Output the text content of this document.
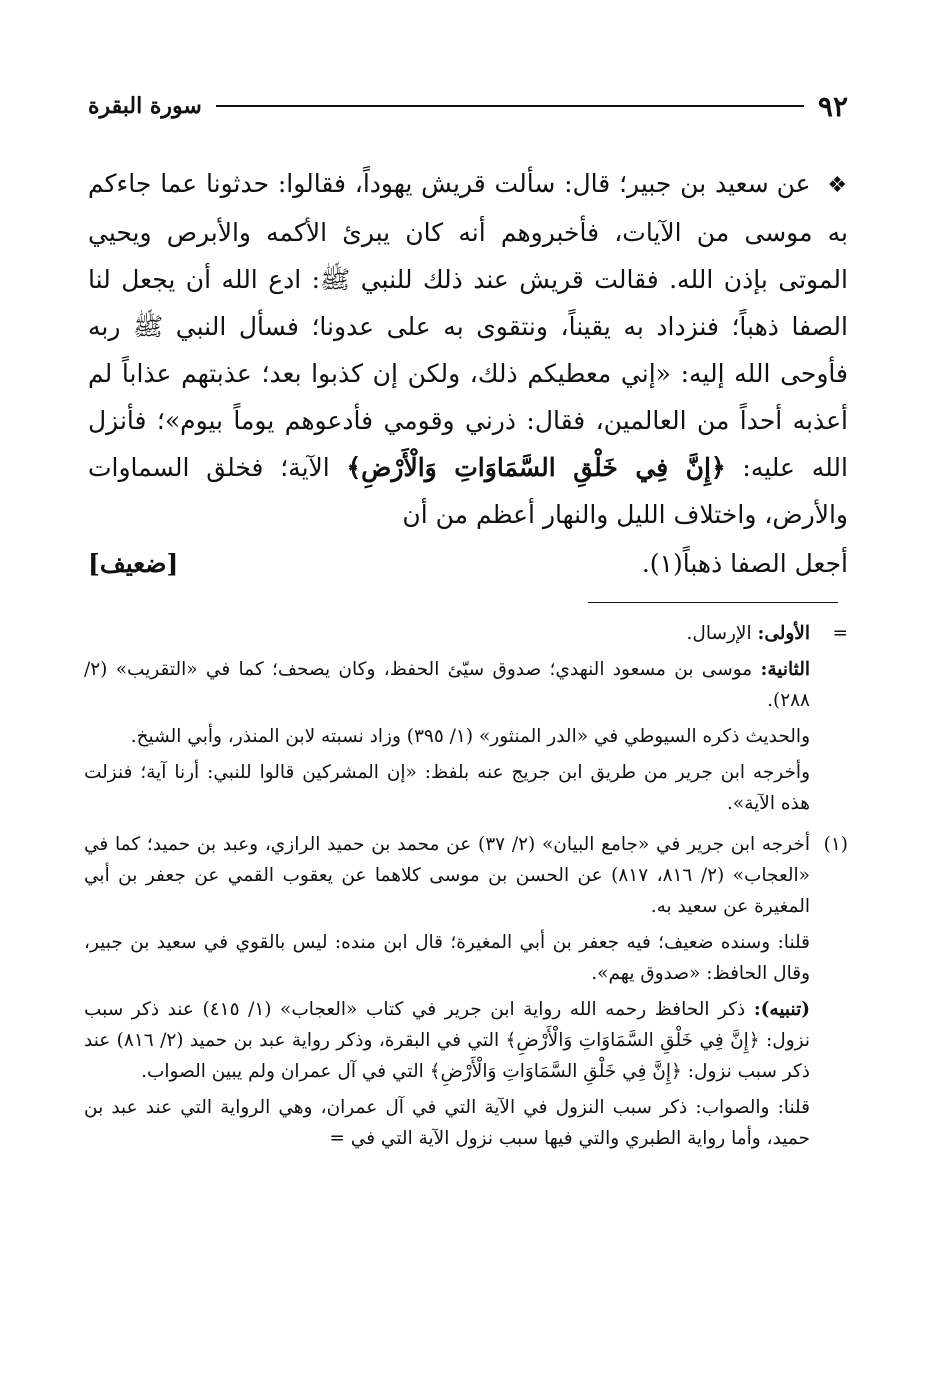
٩٢
سورة البقرة

❖ عن سعيد بن جبير؛ قال: سألت قريش يهوداً، فقالوا: حدثونا عما جاءكم به موسى من الآيات، فأخبروهم أنه كان يبرئ الأكمه والأبرص ويحيي الموتى بإذن الله. فقالت قريش عند ذلك للنبي ﷺ: ادع الله أن يجعل لنا الصفا ذهباً؛ فنزداد به يقيناً، ونتقوى به على عدونا؛ فسأل النبي ﷺ ربه فأوحى الله إليه: «إني معطيكم ذلك، ولكن إن كذبوا بعد؛ عذبتهم عذاباً لم أعذبه أحداً من العالمين، فقال: ذرني وقومي فأدعوهم يوماً بيوم»؛ فأنزل الله عليه: ﴿إِنَّ فِي خَلْقِ السَّمَاوَاتِ وَالْأَرْضِ﴾ الآية؛ فخلق السماوات والأرض، واختلاف الليل والنهار أعظم من أن

أجعل الصفا ذهباً(١).
[ضعيف]
=

الأولى: الإرسال.

الثانية: موسى بن مسعود النهدي؛ صدوق سيّئ الحفظ، وكان يصحف؛ كما في «التقريب» (٢/ ٢٨٨).

والحديث ذكره السيوطي في «الدر المنثور» (١/ ٣٩٥) وزاد نسبته لابن المنذر، وأبي الشيخ.

وأخرجه ابن جرير من طريق ابن جريج عنه بلفظ: «إن المشركين قالوا للنبي: أرنا آية؛ فنزلت هذه الآية».

(١)

أخرجه ابن جرير في «جامع البيان» (٢/ ٣٧) عن محمد بن حميد الرازي، وعبد بن حميد؛ كما في «العجاب» (٢/ ٨١٦، ٨١٧) عن الحسن بن موسى كلاهما عن يعقوب القمي عن جعفر بن أبي المغيرة عن سعيد به.

قلنا: وسنده ضعيف؛ فيه جعفر بن أبي المغيرة؛ قال ابن منده: ليس بالقوي في سعيد بن جبير، وقال الحافظ: «صدوق يهم».

(تنبيه): ذكر الحافظ رحمه الله رواية ابن جرير في كتاب «العجاب» (١/ ٤١٥) عند ذكر سبب نزول: ﴿إِنَّ فِي خَلْقِ السَّمَاوَاتِ وَالْأَرْضِ﴾ التي في البقرة، وذكر رواية عبد بن حميد (٢/ ٨١٦) عند ذكر سبب نزول: ﴿إِنَّ فِي خَلْقِ السَّمَاوَاتِ وَالْأَرْضِ﴾ التي في آل عمران ولم يبين الصواب.

قلنا: والصواب: ذكر سبب النزول في الآية التي في آل عمران، وهي الرواية التي عند عبد بن حميد، وأما رواية الطبري والتي فيها سبب نزول الآية التي في =
